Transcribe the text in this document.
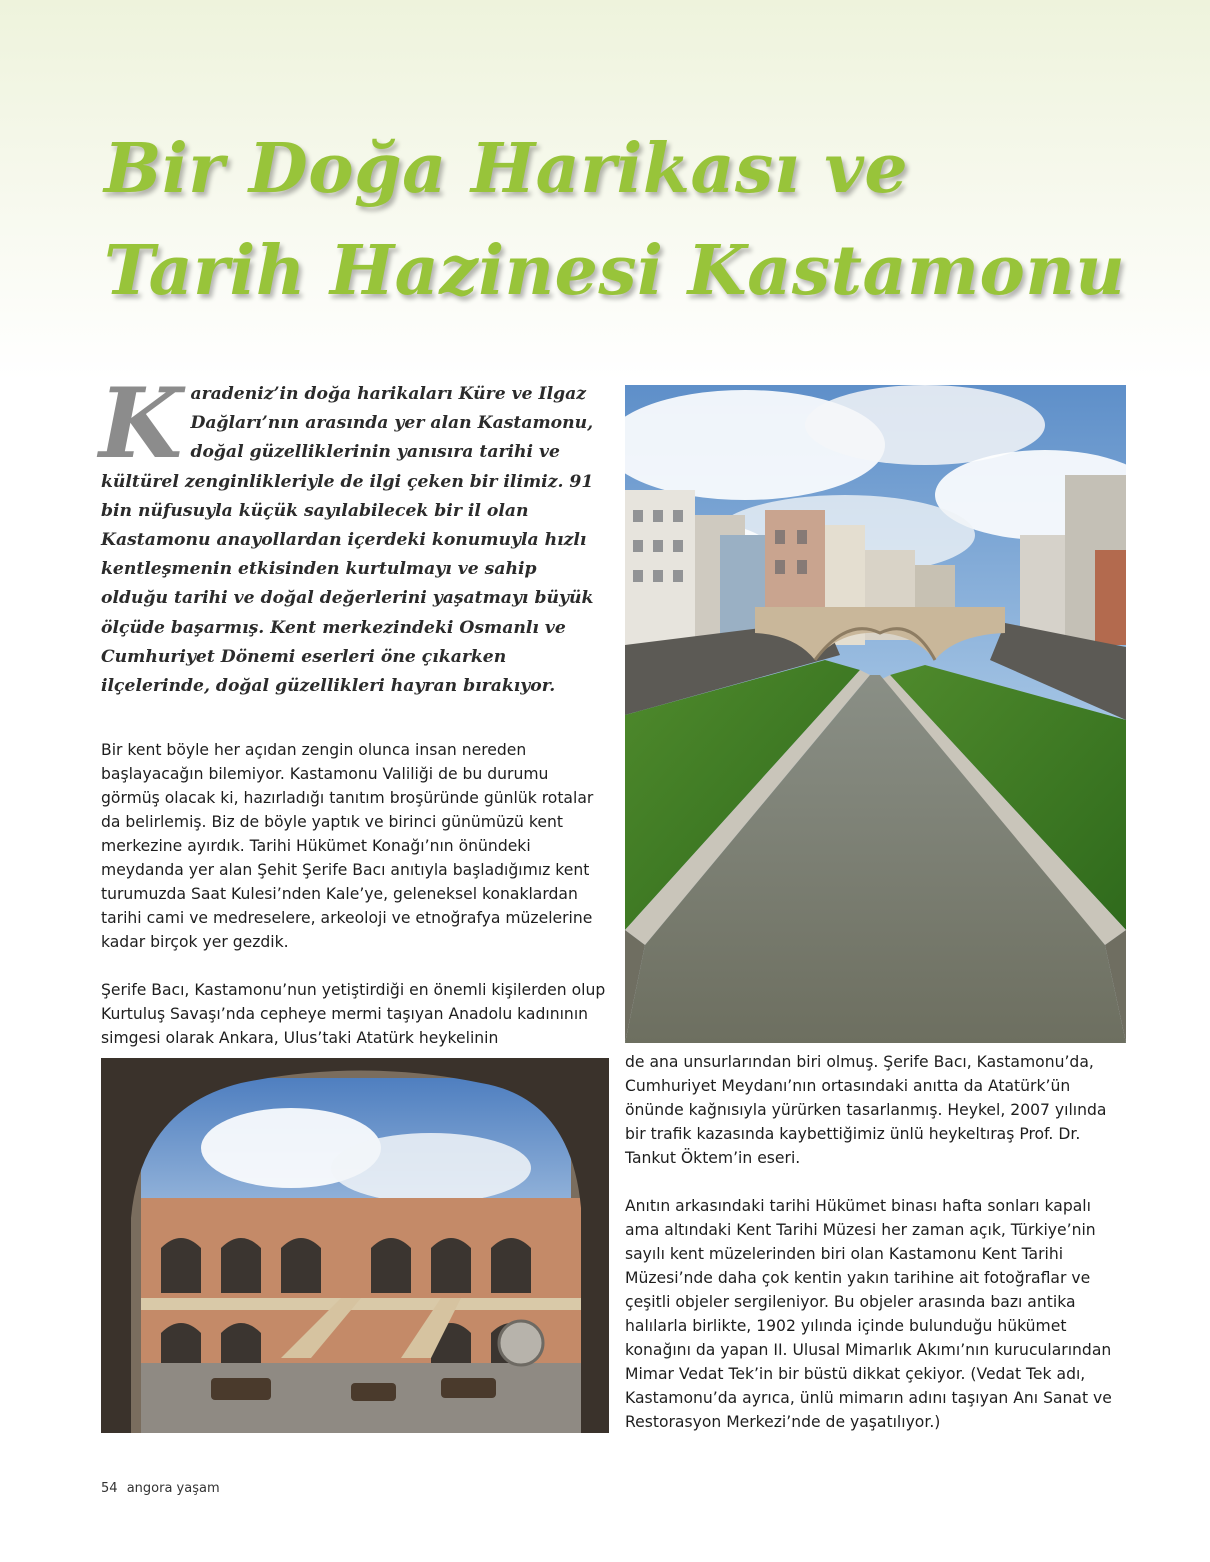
Bir Doğa Harikası ve
Tarih Hazinesi Kastamonu

Karadeniz’in doğa harikaları Küre ve Ilgaz Dağları’nın arasında yer alan Kastamonu, doğal güzelliklerinin yanısıra tarihi ve kültürel zenginlikleriyle de ilgi çeken bir ilimiz. 91 bin nüfusuyla küçük sayılabilecek bir il olan Kastamonu anayollardan içerdeki konumuyla hızlı kentleşmenin etkisinden kurtulmayı ve sahip olduğu tarihi ve doğal değerlerini yaşatmayı büyük ölçüde başarmış. Kent merkezindeki Osmanlı ve Cumhuriyet Dönemi eserleri öne çıkarken ilçelerinde, doğal güzellikleri hayran bırakıyor.

Bir kent böyle her açıdan zengin olunca insan nereden başlayacağın bilemiyor. Kastamonu Valiliği de bu durumu görmüş olacak ki, hazırladığı tanıtım broşüründe günlük rotalar da belirlemiş. Biz de böyle yaptık ve birinci günümüzü kent merkezine ayırdık. Tarihi Hükümet Konağı’nın önündeki meydanda yer alan Şehit Şerife Bacı anıtıyla başladığımız kent turumuzda Saat Kulesi’nden Kale’ye, geleneksel konaklardan tarihi cami ve medreselere, arkeoloji ve etnoğrafya müzelerine kadar birçok yer gezdik.

Şerife Bacı, Kastamonu’nun yetiştirdiği en önemli kişilerden olup Kurtuluş Savaşı’nda cepheye mermi taşıyan Anadolu kadınının simgesi olarak Ankara, Ulus’taki Atatürk heykelinin

de ana unsurlarından biri olmuş. Şerife Bacı, Kastamonu’da, Cumhuriyet Meydanı’nın ortasındaki anıtta da Atatürk’ün önünde kağnısıyla yürürken tasarlanmış. Heykel, 2007 yılında bir trafik kazasında kaybettiğimiz ünlü heykeltıraş Prof. Dr. Tankut Öktem’in eseri.

Anıtın arkasındaki tarihi Hükümet binası hafta sonları kapalı ama altındaki Kent Tarihi Müzesi her zaman açık, Türkiye’nin sayılı kent müzelerinden biri olan Kastamonu Kent Tarihi Müzesi’nde daha çok kentin yakın tarihine ait fotoğraflar ve çeşitli objeler sergileniyor. Bu objeler arasında bazı antika halılarla birlikte, 1902 yılında içinde bulunduğu hükümet konağını da yapan II. Ulusal Mimarlık Akımı’nın kurucularından Mimar Vedat Tek’in bir büstü dikkat çekiyor. (Vedat Tek adı, Kastamonu’da ayrıca, ünlü mimarın adını taşıyan Anı Sanat ve Restorasyon Merkezi’nde de yaşatılıyor.)

54 angora yaşam
